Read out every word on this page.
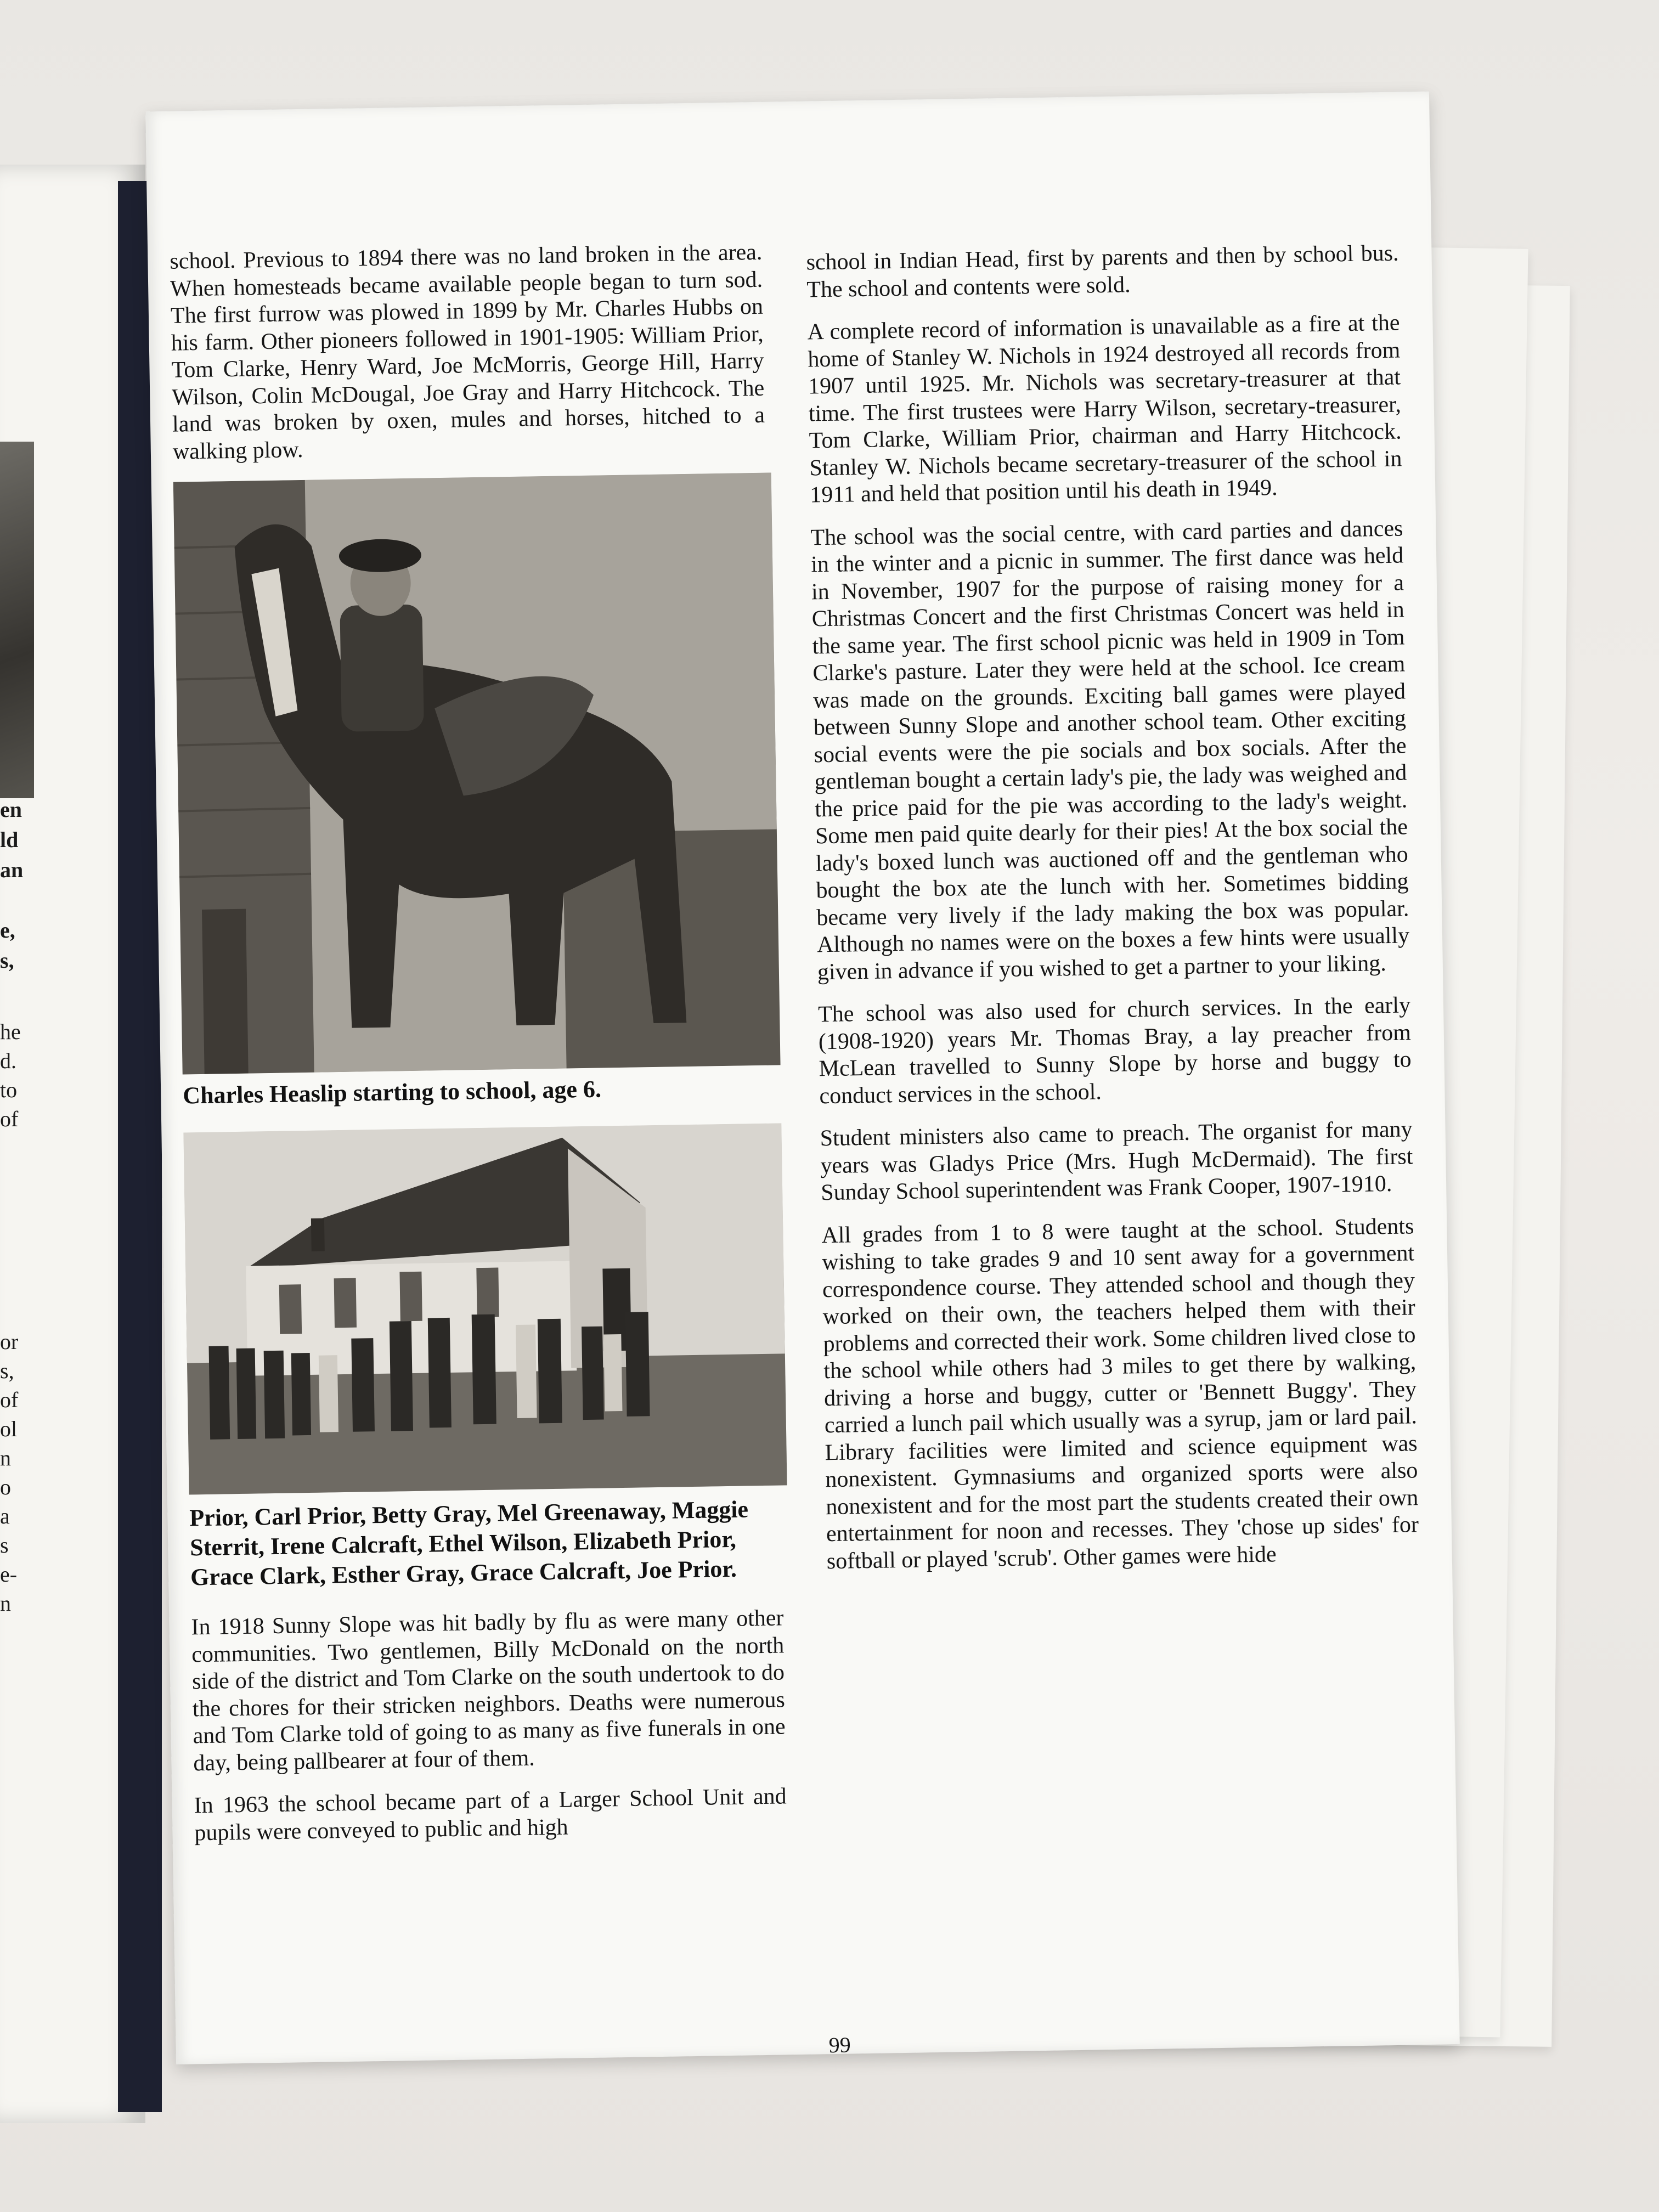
en
ld
an
e,
s,
he
d.
to
of
or
s,
of
ol
n
o
a
s
e-
n

school. Previous to 1894 there was no land broken in the area. When homesteads became available people began to turn sod. The first furrow was plowed in 1899 by Mr. Charles Hubbs on his farm. Other pioneers followed in 1901-1905: William Prior, Tom Clarke, Henry Ward, Joe McMorris, George Hill, Harry Wilson, Colin McDougal, Joe Gray and Harry Hitchcock. The land was broken by oxen, mules and horses, hitched to a walking plow.

Charles Heaslip starting to school, age 6.

Prior, Carl Prior, Betty Gray, Mel Greenaway, Maggie Sterrit, Irene Calcraft, Ethel Wilson, Elizabeth Prior, Grace Clark, Esther Gray, Grace Calcraft, Joe Prior.

In 1918 Sunny Slope was hit badly by flu as were many other communities. Two gentlemen, Billy McDonald on the north side of the district and Tom Clarke on the south undertook to do the chores for their stricken neighbors. Deaths were numerous and Tom Clarke told of going to as many as five funerals in one day, being pallbearer at four of them.

In 1963 the school became part of a Larger School Unit and pupils were conveyed to public and high

school in Indian Head, first by parents and then by school bus. The school and contents were sold.

A complete record of information is unavailable as a fire at the home of Stanley W. Nichols in 1924 destroyed all records from 1907 until 1925. Mr. Nichols was secretary-treasurer at that time. The first trustees were Harry Wilson, secretary-treasurer, Tom Clarke, William Prior, chairman and Harry Hitchcock. Stanley W. Nichols became secretary-treasurer of the school in 1911 and held that position until his death in 1949.

The school was the social centre, with card parties and dances in the winter and a picnic in summer. The first dance was held in November, 1907 for the purpose of raising money for a Christmas Concert and the first Christmas Concert was held in the same year. The first school picnic was held in 1909 in Tom Clarke's pasture. Later they were held at the school. Ice cream was made on the grounds. Exciting ball games were played between Sunny Slope and another school team. Other exciting social events were the pie socials and box socials. After the gentleman bought a certain lady's pie, the lady was weighed and the price paid for the pie was according to the lady's weight. Some men paid quite dearly for their pies! At the box social the lady's boxed lunch was auctioned off and the gentleman who bought the box ate the lunch with her. Sometimes bidding became very lively if the lady making the box was popular. Although no names were on the boxes a few hints were usually given in advance if you wished to get a partner to your liking.

The school was also used for church services. In the early (1908-1920) years Mr. Thomas Bray, a lay preacher from McLean travelled to Sunny Slope by horse and buggy to conduct services in the school.

Student ministers also came to preach. The organist for many years was Gladys Price (Mrs. Hugh McDermaid). The first Sunday School superintendent was Frank Cooper, 1907-1910.

All grades from 1 to 8 were taught at the school. Students wishing to take grades 9 and 10 sent away for a government correspondence course. They attended school and though they worked on their own, the teachers helped them with their problems and corrected their work. Some children lived close to the school while others had 3 miles to get there by walking, driving a horse and buggy, cutter or 'Bennett Buggy'. They carried a lunch pail which usually was a syrup, jam or lard pail. Library facilities were limited and science equipment was nonexistent. Gymnasiums and organized sports were also nonexistent and for the most part the students created their own entertainment for noon and recesses. They 'chose up sides' for softball or played 'scrub'. Other games were hide

99
